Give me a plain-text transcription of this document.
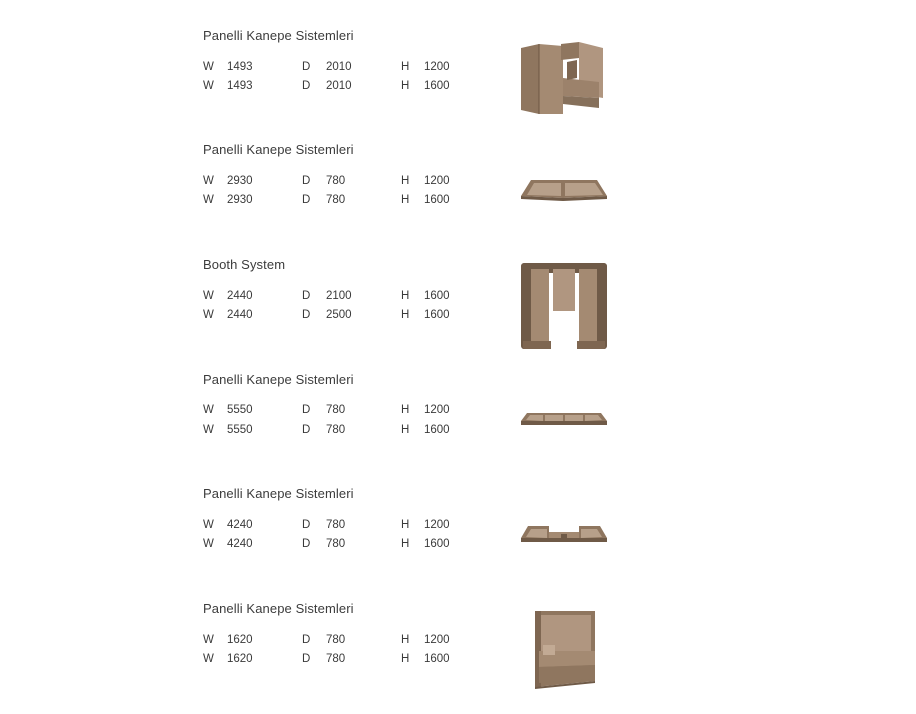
Panelli Kanepe Sistemleri
W 1493	D 2010	H 1200
W 1493	D 2010	H 1600
Panelli Kanepe Sistemleri
W 2930	D 780	H 1200
W 2930	D 780	H 1600
Booth System
W 2440	D 2100	H 1600
W 2440	D 2500	H 1600
Panelli Kanepe Sistemleri
W 5550	D 780	H 1200
W 5550	D 780	H 1600
Panelli Kanepe Sistemleri
W 4240	D 780	H 1200
W 4240	D 780	H 1600
Panelli Kanepe Sistemleri
W 1620	D 780	H 1200
W 1620	D 780	H 1600
